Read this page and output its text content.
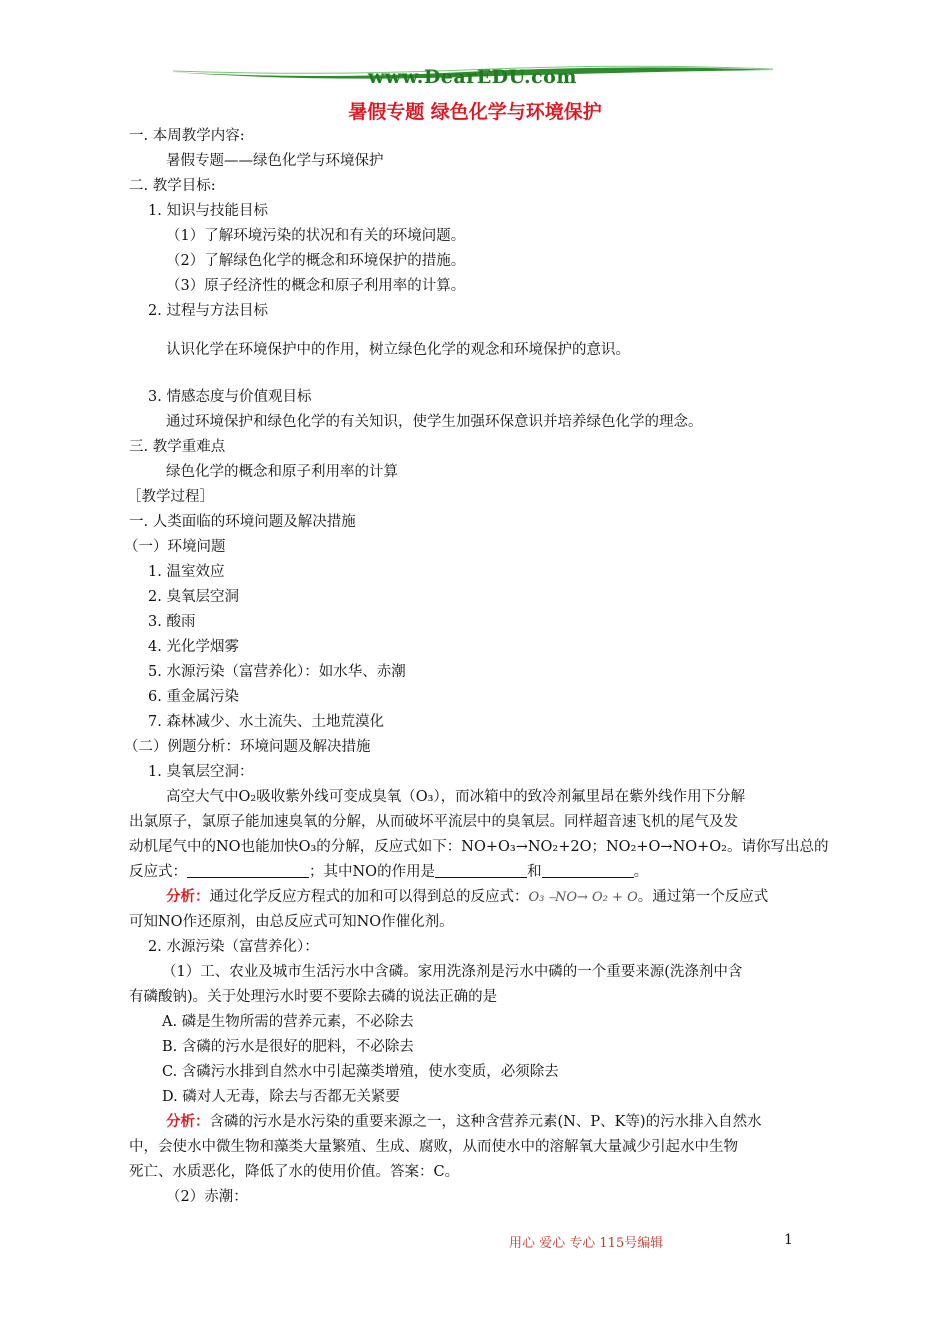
www.DearEDU.com
暑假专题 绿色化学与环境保护
一. 本周教学内容:
暑假专题——绿色化学与环境保护
二. 教学目标:
1. 知识与技能目标
（1）了解环境污染的状况和有关的环境问题。
（2）了解绿色化学的概念和环境保护的措施。
（3）原子经济性的概念和原子利用率的计算。
2. 过程与方法目标
认识化学在环境保护中的作用，树立绿色化学的观念和环境保护的意识。
3. 情感态度与价值观目标
通过环境保护和绿色化学的有关知识，使学生加强环保意识并培养绿色化学的理念。
三. 教学重难点
绿色化学的概念和原子利用率的计算
［教学过程］
一. 人类面临的环境问题及解决措施
（一）环境问题
1. 温室效应
2. 臭氧层空洞
3. 酸雨
4. 光化学烟雾
5. 水源污染（富营养化）：如水华、赤潮
6. 重金属污染
7. 森林减少、水土流失、土地荒漠化
（二）例题分析：环境问题及解决措施
1. 臭氧层空洞：
高空大气中O₂吸收紫外线可变成臭氧（O₃），而冰箱中的致冷剂氟里昂在紫外线作用下分解
出氯原子，氯原子能加速臭氧的分解，从而破坏平流层中的臭氧层。同样超音速飞机的尾气及发
动机尾气中的NO也能加快O₃的分解，反应式如下：NO+O₃→NO₂+2O；NO₂+O→NO+O₂。请你写出总的
反应式：	；其中NO的作用是	和	。
分析：通过化学反应方程式的加和可以得到总的反应式：O₃ ⎯NO→ O₂ + O。通过第一个反应式
可知NO作还原剂，由总反应式可知NO作催化剂。
2. 水源污染（富营养化）：
（1）工、农业及城市生活污水中含磷。家用洗涤剂是污水中磷的一个重要来源(洗涤剂中含
有磷酸钠)。关于处理污水时要不要除去磷的说法正确的是
A. 磷是生物所需的营养元素，不必除去
B. 含磷的污水是很好的肥料，不必除去
C. 含磷污水排到自然水中引起藻类增殖，使水变质，必须除去
D. 磷对人无毒，除去与否都无关紧要
分析：含磷的污水是水污染的重要来源之一，这种含营养元素(N、P、K等)的污水排入自然水
中，会使水中微生物和藻类大量繁殖、生成、腐败，从而使水中的溶解氧大量减少引起水中生物
死亡、水质恶化，降低了水的使用价值。答案：C。
（2）赤潮：
用心 爱心 专心 115号编辑	1
